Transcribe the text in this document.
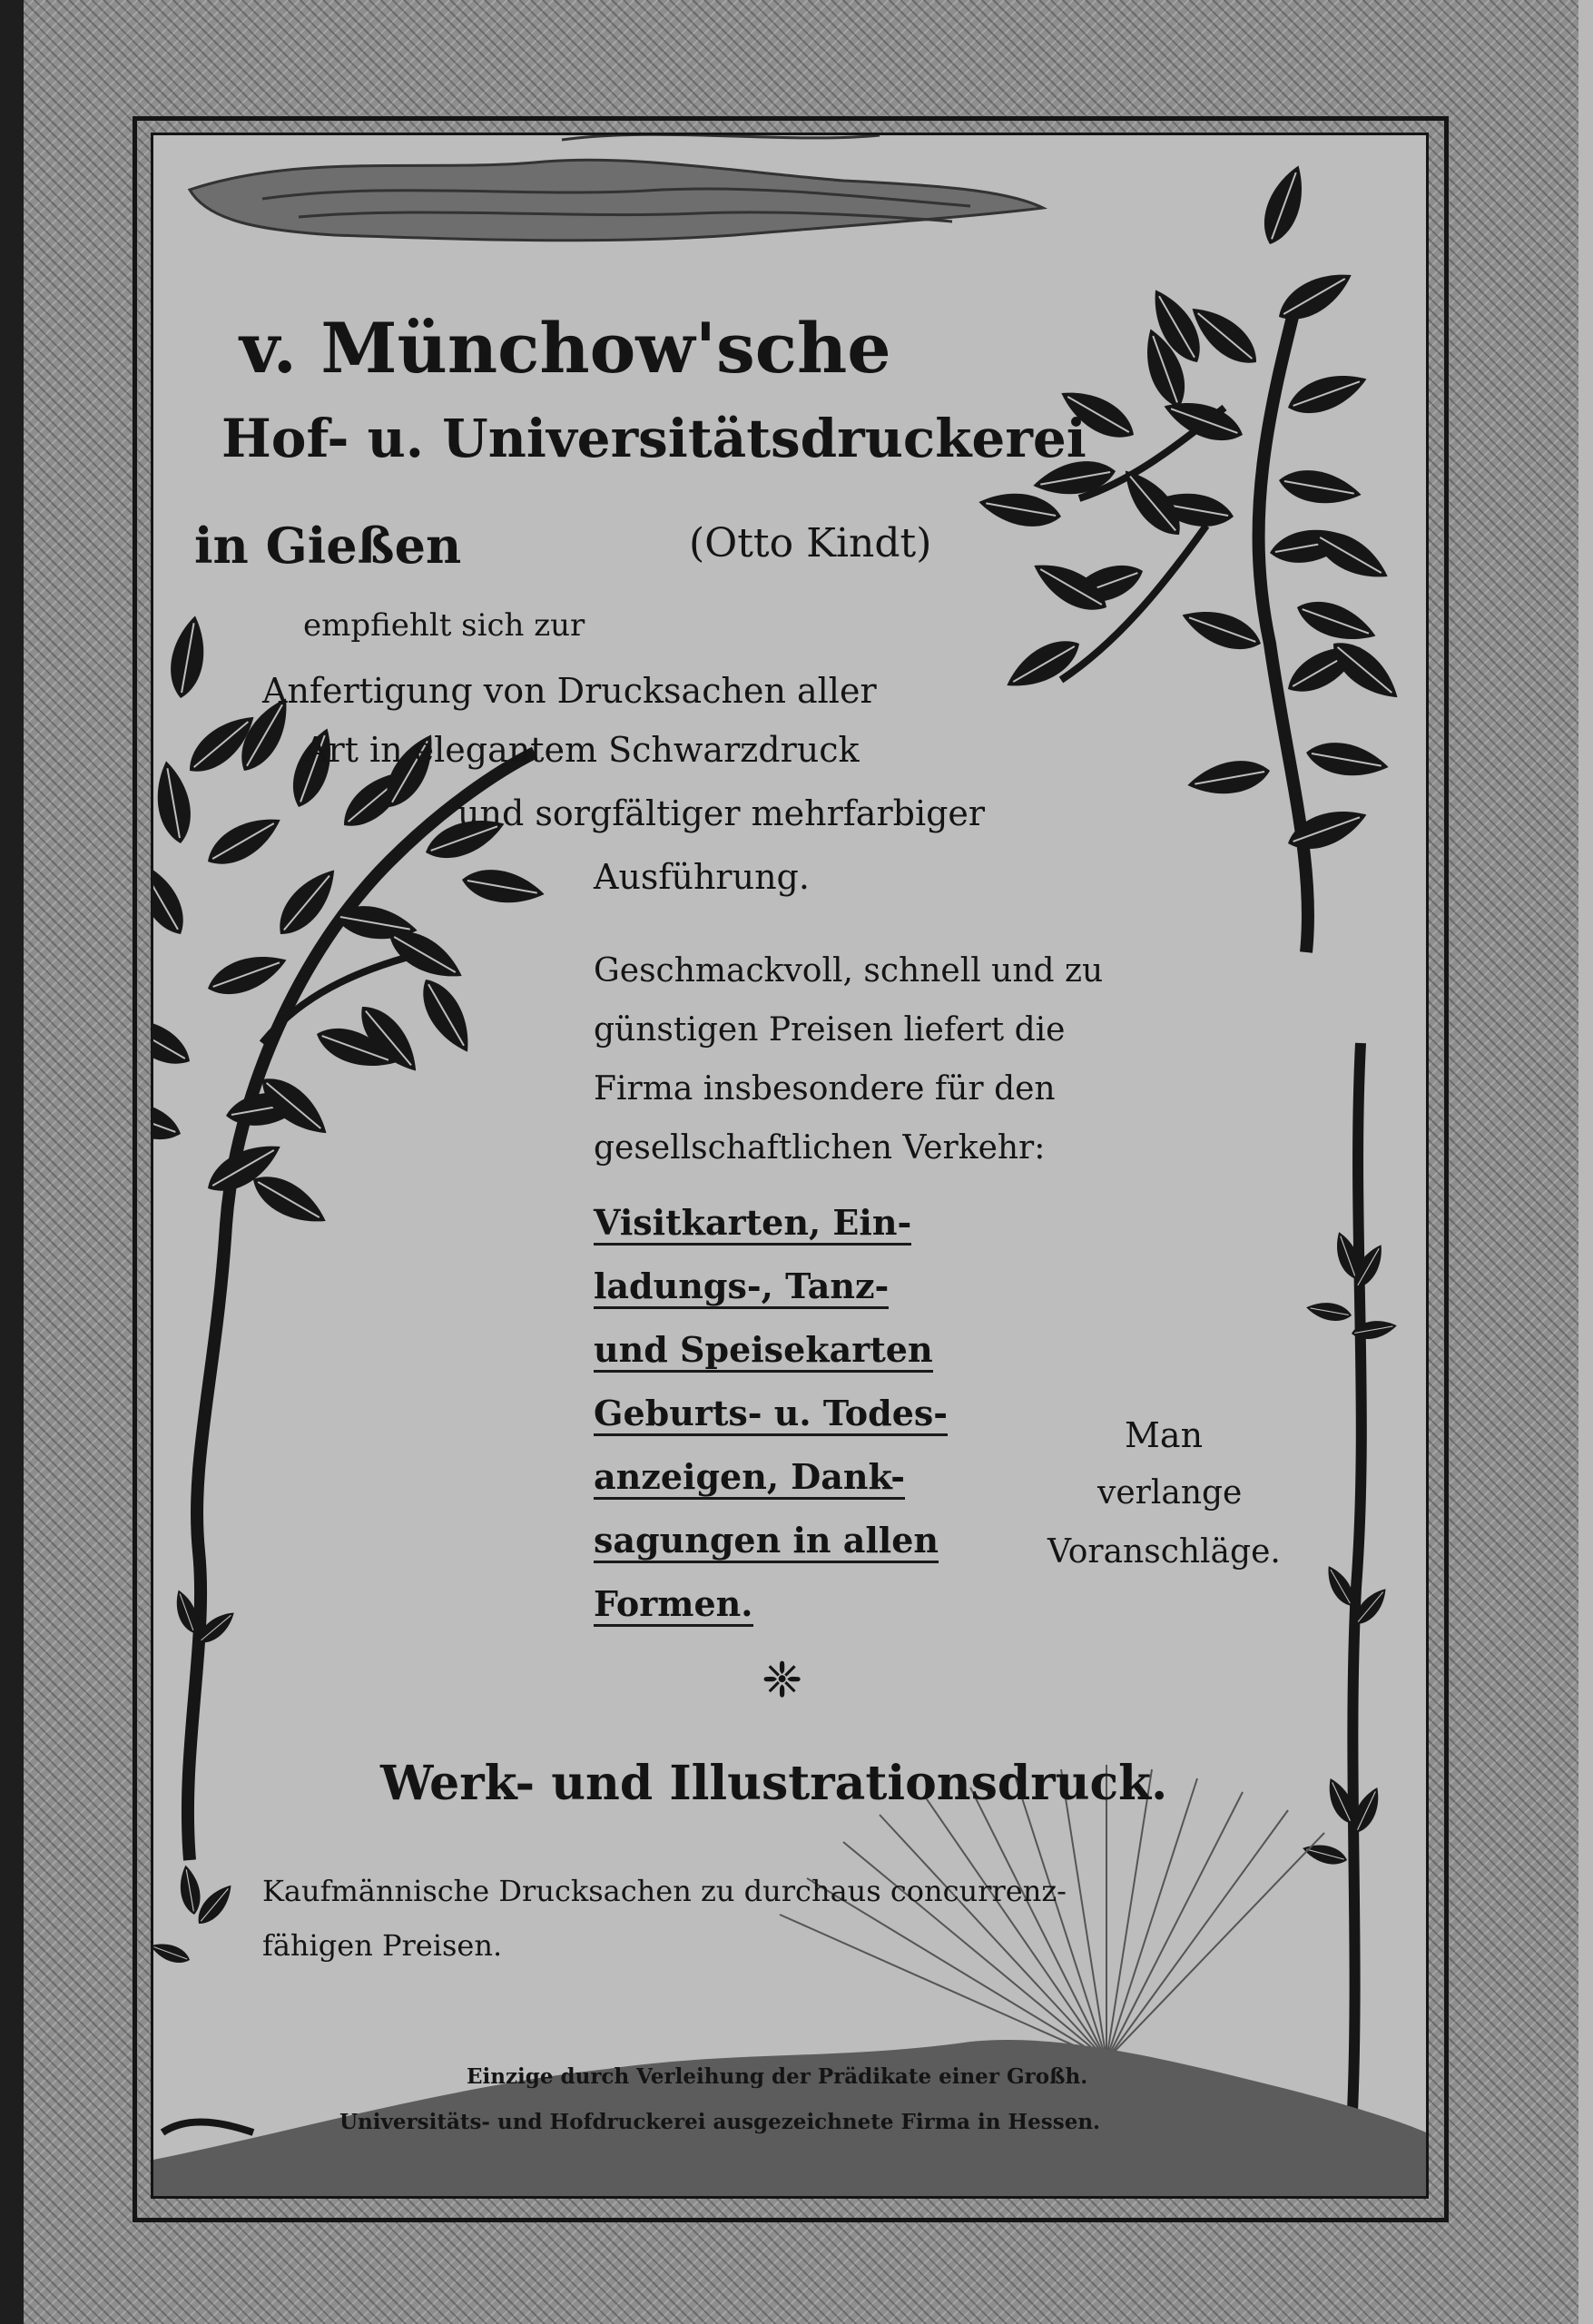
v. Münchow'sche
Hof- u. Universitätsdruckerei
in Gießen	(Otto Kindt)
empfiehlt sich zur
Anfertigung von Drucksachen aller
Art in elegantem Schwarzdruck
und sorgfältiger mehrfarbiger
Ausführung.
Geschmackvoll, schnell und zu
günstigen Preisen liefert die
Firma insbesondere für den
gesellschaftlichen Verkehr:
Visitkarten, Ein-
ladungs-, Tanz-
und Speisekarten
Geburts- u. Todes-
anzeigen, Dank-
sagungen in allen
Formen.
Man
verlange
Voranschläge.
❈
Werk- und Illustrationsdruck.
Kaufmännische Drucksachen zu durchaus concurrenz-
fähigen Preisen.
Einzige durch Verleihung der Prädikate einer Großh.
Universitäts- und Hofdruckerei ausgezeichnete Firma in Hessen.
